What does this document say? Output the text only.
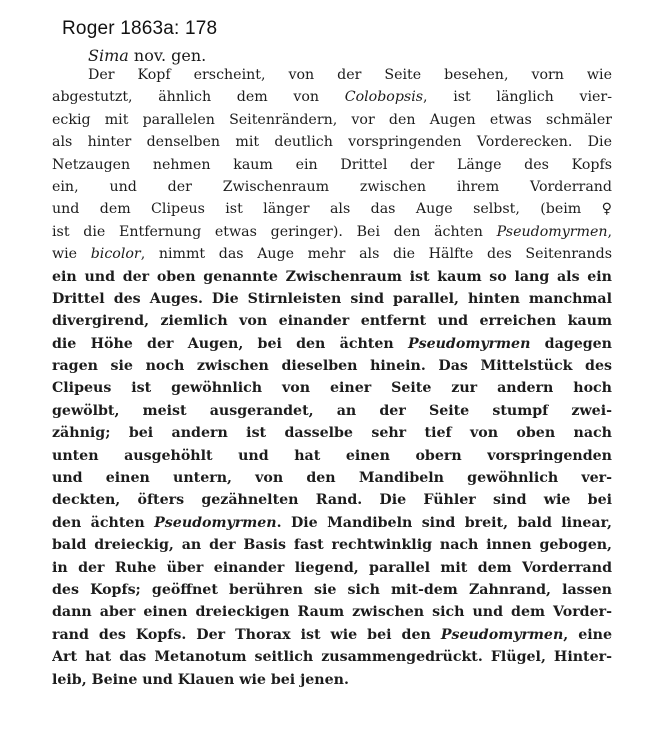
Roger 1863a: 178
Sima nov. gen.
Der Kopf erscheint, von der Seite besehen, vorn wie
abgestutzt, ähnlich dem von Colobopsis, ist länglich vier-
eckig mit parallelen Seitenrändern, vor den Augen etwas schmäler
als hinter denselben mit deutlich vorspringenden Vorderecken. Die
Netzaugen nehmen kaum ein Drittel der Länge des Kopfs
ein, und der Zwischenraum zwischen ihrem Vorderrand
und dem Clipeus ist länger als das Auge selbst, (beim ♀
ist die Entfernung etwas geringer). Bei den ächten Pseudomyrmen,
wie bicolor, nimmt das Auge mehr als die Hälfte des Seitenrands
ein und der oben genannte Zwischenraum ist kaum so lang als ein
Drittel des Auges. Die Stirnleisten sind parallel, hinten manchmal
divergirend, ziemlich von einander entfernt und erreichen kaum
die Höhe der Augen, bei den ächten Pseudomyrmen dagegen
ragen sie noch zwischen dieselben hinein. Das Mittelstück des
Clipeus ist gewöhnlich von einer Seite zur andern hoch
gewölbt, meist ausgerandet, an der Seite stumpf zwei-
zähnig; bei andern ist dasselbe sehr tief von oben nach
unten ausgehöhlt und hat einen obern vorspringenden
und einen untern, von den Mandibeln gewöhnlich ver-
deckten, öfters gezähnelten Rand. Die Fühler sind wie bei
den ächten Pseudomyrmen. Die Mandibeln sind breit, bald linear,
bald dreieckig, an der Basis fast rechtwinklig nach innen gebogen,
in der Ruhe über einander liegend, parallel mit dem Vorderrand
des Kopfs; geöffnet berühren sie sich mit-dem Zahnrand, lassen
dann aber einen dreieckigen Raum zwischen sich und dem Vorder-
rand des Kopfs. Der Thorax ist wie bei den Pseudomyrmen, eine
Art hat das Metanotum seitlich zusammengedrückt. Flügel, Hinter-
leib, Beine und Klauen wie bei jenen.
